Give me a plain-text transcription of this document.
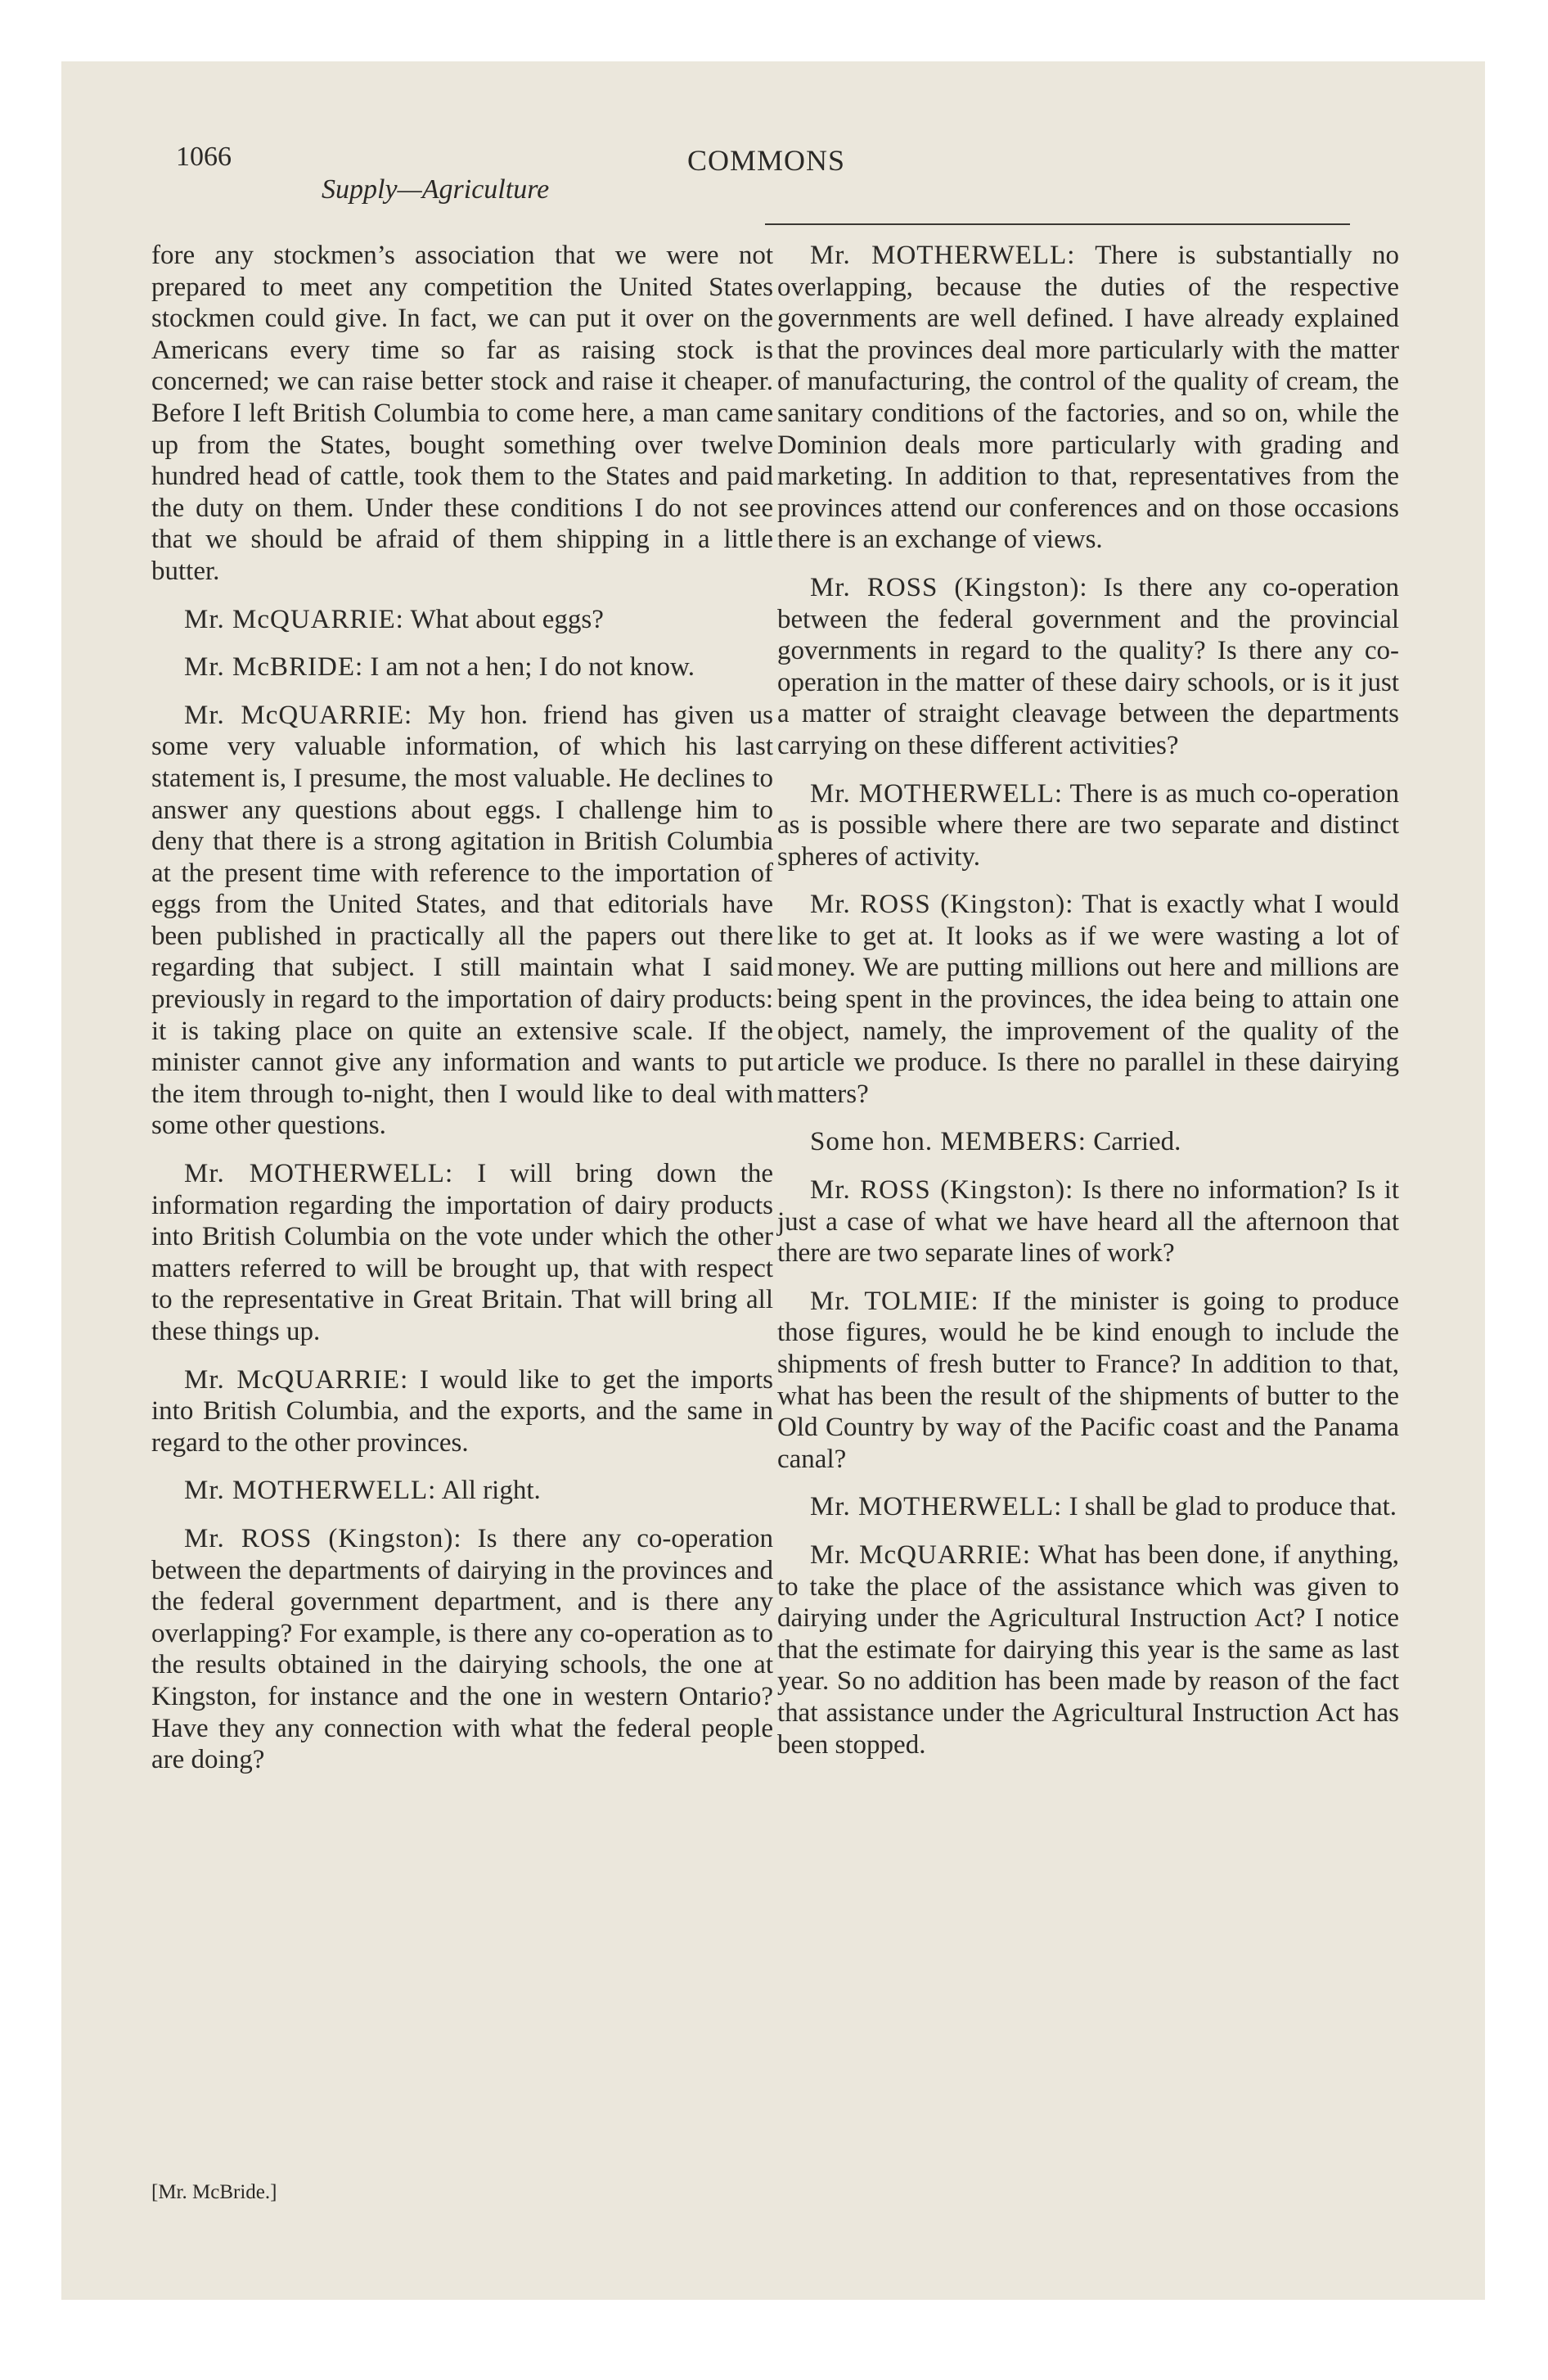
1066
Supply—Agriculture
COMMONS

fore any stockmen’s association that we were not prepared to meet any competition the United States stockmen could give. In fact, we can put it over on the Americans every time so far as raising stock is concerned; we can raise better stock and raise it cheaper. Before I left British Columbia to come here, a man came up from the States, bought something over twelve hundred head of cattle, took them to the States and paid the duty on them. Under these conditions I do not see that we should be afraid of them shipping in a little butter.

Mr. McQUARRIE: What about eggs?

Mr. McBRIDE: I am not a hen; I do not know.

Mr. McQUARRIE: My hon. friend has given us some very valuable information, of which his last statement is, I presume, the most valuable. He declines to answer any questions about eggs. I challenge him to deny that there is a strong agitation in British Columbia at the present time with reference to the importation of eggs from the United States, and that editorials have been published in practically all the papers out there regarding that subject. I still maintain what I said previously in regard to the importation of dairy products: it is taking place on quite an extensive scale. If the minister cannot give any information and wants to put the item through to-night, then I would like to deal with some other questions.

Mr. MOTHERWELL: I will bring down the information regarding the importation of dairy products into British Columbia on the vote under which the other matters referred to will be brought up, that with respect to the representative in Great Britain. That will bring all these things up.

Mr. McQUARRIE: I would like to get the imports into British Columbia, and the exports, and the same in regard to the other provinces.

Mr. MOTHERWELL: All right.

Mr. ROSS (Kingston): Is there any co-operation between the departments of dairying in the provinces and the federal government department, and is there any overlapping? For example, is there any co-operation as to the results obtained in the dairying schools, the one at Kingston, for instance and the one in western Ontario? Have they any connection with what the federal people are doing?

Mr. MOTHERWELL: There is substantially no overlapping, because the duties of the respective governments are well defined. I have already explained that the provinces deal more particularly with the matter of manufacturing, the control of the quality of cream, the sanitary conditions of the factories, and so on, while the Dominion deals more particularly with grading and marketing. In addition to that, representatives from the provinces attend our conferences and on those occasions there is an exchange of views.

Mr. ROSS (Kingston): Is there any co-operation between the federal government and the provincial governments in regard to the quality? Is there any co-operation in the matter of these dairy schools, or is it just a matter of straight cleavage between the departments carrying on these different activities?

Mr. MOTHERWELL: There is as much co-operation as is possible where there are two separate and distinct spheres of activity.

Mr. ROSS (Kingston): That is exactly what I would like to get at. It looks as if we were wasting a lot of money. We are putting millions out here and millions are being spent in the provinces, the idea being to attain one object, namely, the improvement of the quality of the article we produce. Is there no parallel in these dairying matters?

Some hon. MEMBERS: Carried.

Mr. ROSS (Kingston): Is there no information? Is it just a case of what we have heard all the afternoon that there are two separate lines of work?

Mr. TOLMIE: If the minister is going to produce those figures, would he be kind enough to include the shipments of fresh butter to France? In addition to that, what has been the result of the shipments of butter to the Old Country by way of the Pacific coast and the Panama canal?

Mr. MOTHERWELL: I shall be glad to produce that.

Mr. McQUARRIE: What has been done, if anything, to take the place of the assistance which was given to dairying under the Agricultural Instruction Act? I notice that the estimate for dairying this year is the same as last year. So no addition has been made by reason of the fact that assistance under the Agricultural Instruction Act has been stopped.

[Mr. McBride.]
